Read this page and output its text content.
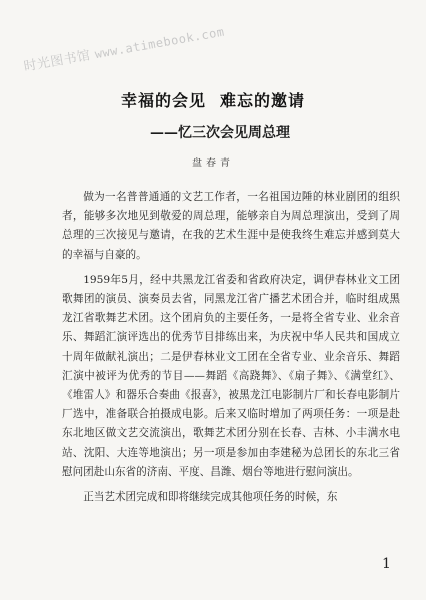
时光图书馆 www.atimebook.com
幸福的会见 难忘的邀请
——忆三次会见周总理
盘春青

做为一名普普通通的文艺工作者，一名祖国边陲的林业剧团的组织者，能够多次地见到敬爱的周总理，能够亲自为周总理演出，受到了周总理的三次接见与邀请，在我的艺术生涯中是使我终生难忘并感到莫大的幸福与自豪的。

1959年5月，经中共黑龙江省委和省政府决定，调伊春林业文工团歌舞团的演员、演奏员去省，同黑龙江省广播艺术团合并，临时组成黑龙江省歌舞艺术团。这个团肩负的主要任务，一是将全省专业、业余音乐、舞蹈汇演评选出的优秀节目排练出来，为庆祝中华人民共和国成立十周年做献礼演出；二是伊春林业文工团在全省专业、业余音乐、舞蹈汇演中被评为优秀的节目——舞蹈《高跷舞》、《扇子舞》、《满堂红》、《堆雷人》和器乐合奏曲《报喜》，被黑龙江电影制片厂和长春电影制片厂选中，准备联合拍摄成电影。后来又临时增加了两项任务：一项是赴东北地区做文艺交流演出，歌舞艺术团分别在长春、吉林、小丰满水电站、沈阳、大连等地演出；另一项是参加由李建秘为总团长的东北三省慰问团赴山东省的济南、平度、昌潍、烟台等地进行慰问演出。

正当艺术团完成和即将继续完成其他项任务的时候，东

1
